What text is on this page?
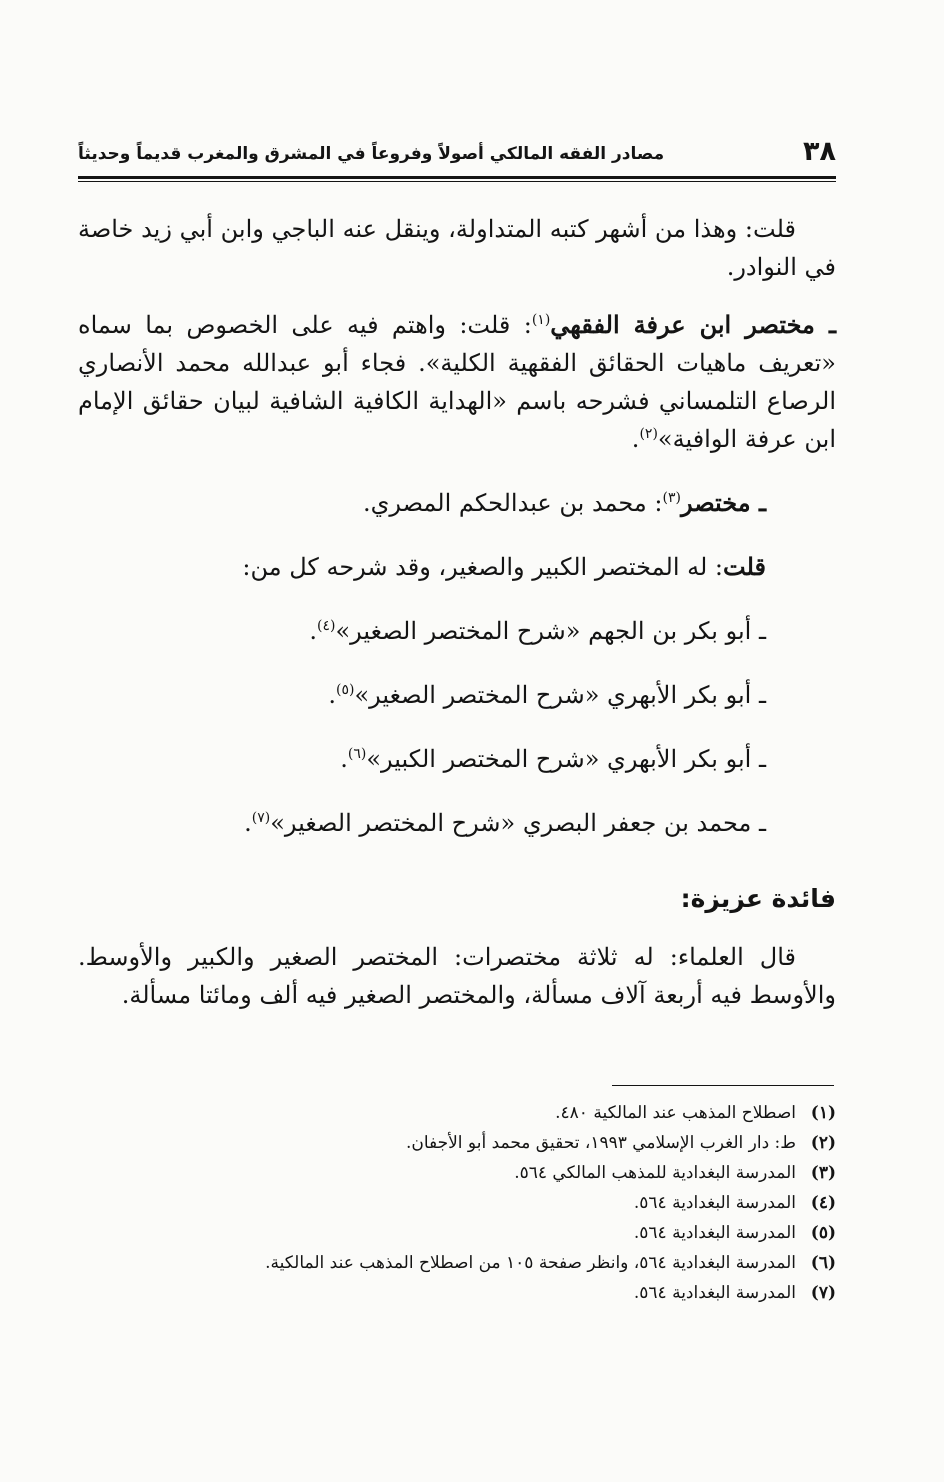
٣٨
مصادر الفقه المالكي أصولاً وفروعاً في المشرق والمغرب قديماً وحديثاً

قلت: وهذا من أشهر كتبه المتداولة، وينقل عنه الباجي وابن أبي زيد خاصة في النوادر.

ـ مختصر ابن عرفة الفقهي$^{(١)}$: قلت: واهتم فيه على الخصوص بما سماه «تعريف ماهيات الحقائق الفقهية الكلية». فجاء أبو عبدالله محمد الأنصاري الرصاع التلمساني فشرحه باسم «الهداية الكافية الشافية لبيان حقائق الإمام ابن عرفة الوافية»$^{(٢)}$.

ـ مختصر$^{(٣)}$: محمد بن عبدالحكم المصري.

قلت: له المختصر الكبير والصغير، وقد شرحه كل من:

ـ أبو بكر بن الجهم «شرح المختصر الصغير»$^{(٤)}$.

ـ أبو بكر الأبهري «شرح المختصر الصغير»$^{(٥)}$.

ـ أبو بكر الأبهري «شرح المختصر الكبير»$^{(٦)}$.

ـ محمد بن جعفر البصري «شرح المختصر الصغير»$^{(٧)}$.

فائدة عزيزة:

قال العلماء: له ثلاثة مختصرات: المختصر الصغير والكبير والأوسط. والأوسط فيه أربعة آلاف مسألة، والمختصر الصغير فيه ألف ومائتا مسألة.

(١)
اصطلاح المذهب عند المالكية ٤٨٠.
(٢)
ط: دار الغرب الإسلامي ١٩٩٣، تحقيق محمد أبو الأجفان.
(٣)
المدرسة البغدادية للمذهب المالكي ٥٦٤.
(٤)
المدرسة البغدادية ٥٦٤.
(٥)
المدرسة البغدادية ٥٦٤.
(٦)
المدرسة البغدادية ٥٦٤، وانظر صفحة ١٠٥ من اصطلاح المذهب عند المالكية.
(٧)
المدرسة البغدادية ٥٦٤.
